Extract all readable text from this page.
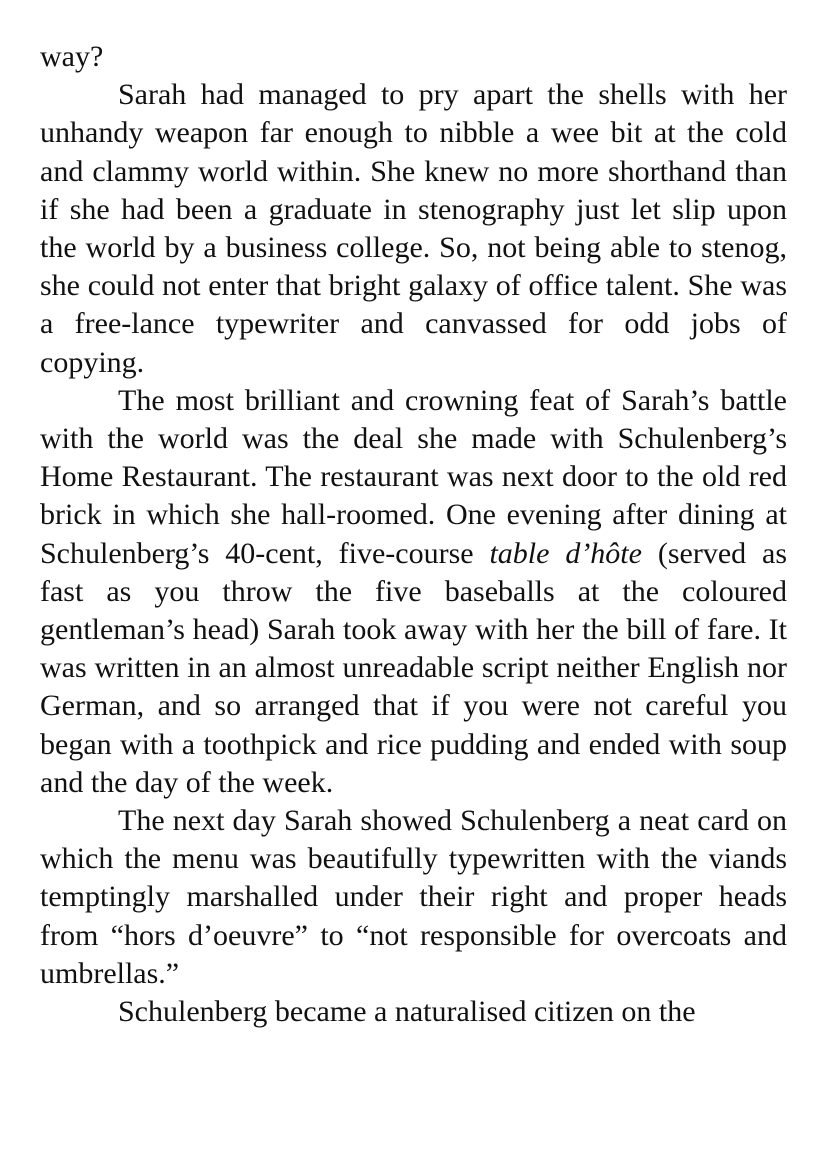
way?

Sarah had managed to pry apart the shells with her unhandy weapon far enough to nibble a wee bit at the cold and clammy world within. She knew no more shorthand than if she had been a graduate in stenography just let slip upon the world by a business college. So, not being able to stenog, she could not enter that bright galaxy of office talent. She was a free-lance typewriter and canvassed for odd jobs of copying.

The most brilliant and crowning feat of Sarah’s battle with the world was the deal she made with Schulenberg’s Home Restaurant. The restaurant was next door to the old red brick in which she hall-roomed. One evening after dining at Schulenberg’s 40-cent, five-course table d’hôte (served as fast as you throw the five baseballs at the coloured gentleman’s head) Sarah took away with her the bill of fare. It was written in an almost unreadable script neither English nor German, and so arranged that if you were not careful you began with a toothpick and rice pudding and ended with soup and the day of the week.

The next day Sarah showed Schulenberg a neat card on which the menu was beautifully typewritten with the viands temptingly marshalled under their right and proper heads from “hors d’oeuvre” to “not responsible for overcoats and umbrellas.”

Schulenberg became a naturalised citizen on the
